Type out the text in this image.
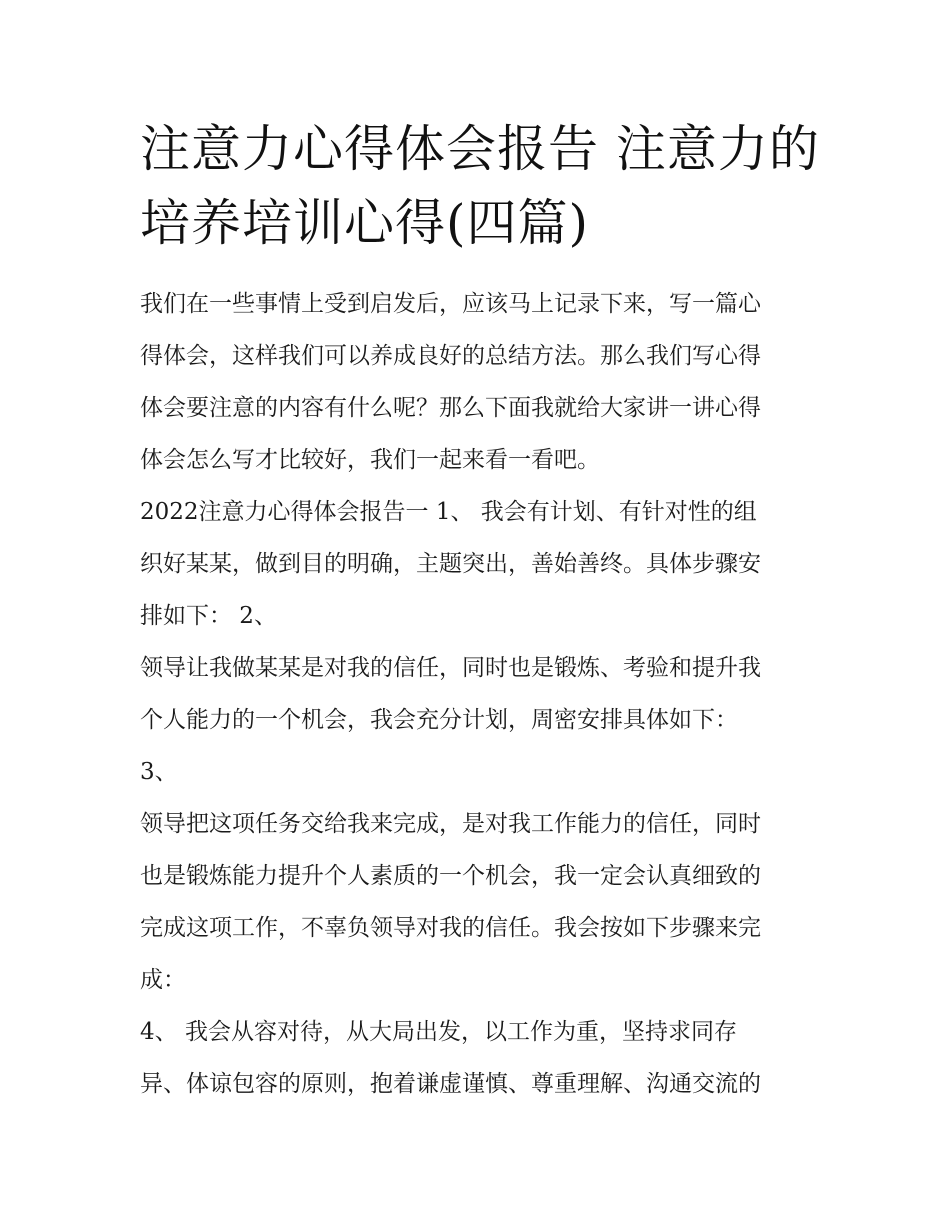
注意力心得体会报告 注意力的
培养培训心得(四篇)

我们在一些事情上受到启发后，应该马上记录下来，写一篇心
得体会，这样我们可以养成良好的总结方法。那么我们写心得
体会要注意的内容有什么呢？那么下面我就给大家讲一讲心得
体会怎么写才比较好，我们一起来看一看吧。

2022注意力心得体会报告一 1、 我会有计划、有针对性的组
织好某某，做到目的明确，主题突出，善始善终。具体步骤安
排如下： 2、

领导让我做某某是对我的信任，同时也是锻炼、考验和提升我
个人能力的一个机会，我会充分计划，周密安排具体如下：
3、

领导把这项任务交给我来完成，是对我工作能力的信任，同时
也是锻炼能力提升个人素质的一个机会，我一定会认真细致的
完成这项工作，不辜负领导对我的信任。我会按如下步骤来完
成：

4、 我会从容对待，从大局出发，以工作为重，坚持求同存
异、体谅包容的原则，抱着谦虚谨慎、尊重理解、沟通交流的
